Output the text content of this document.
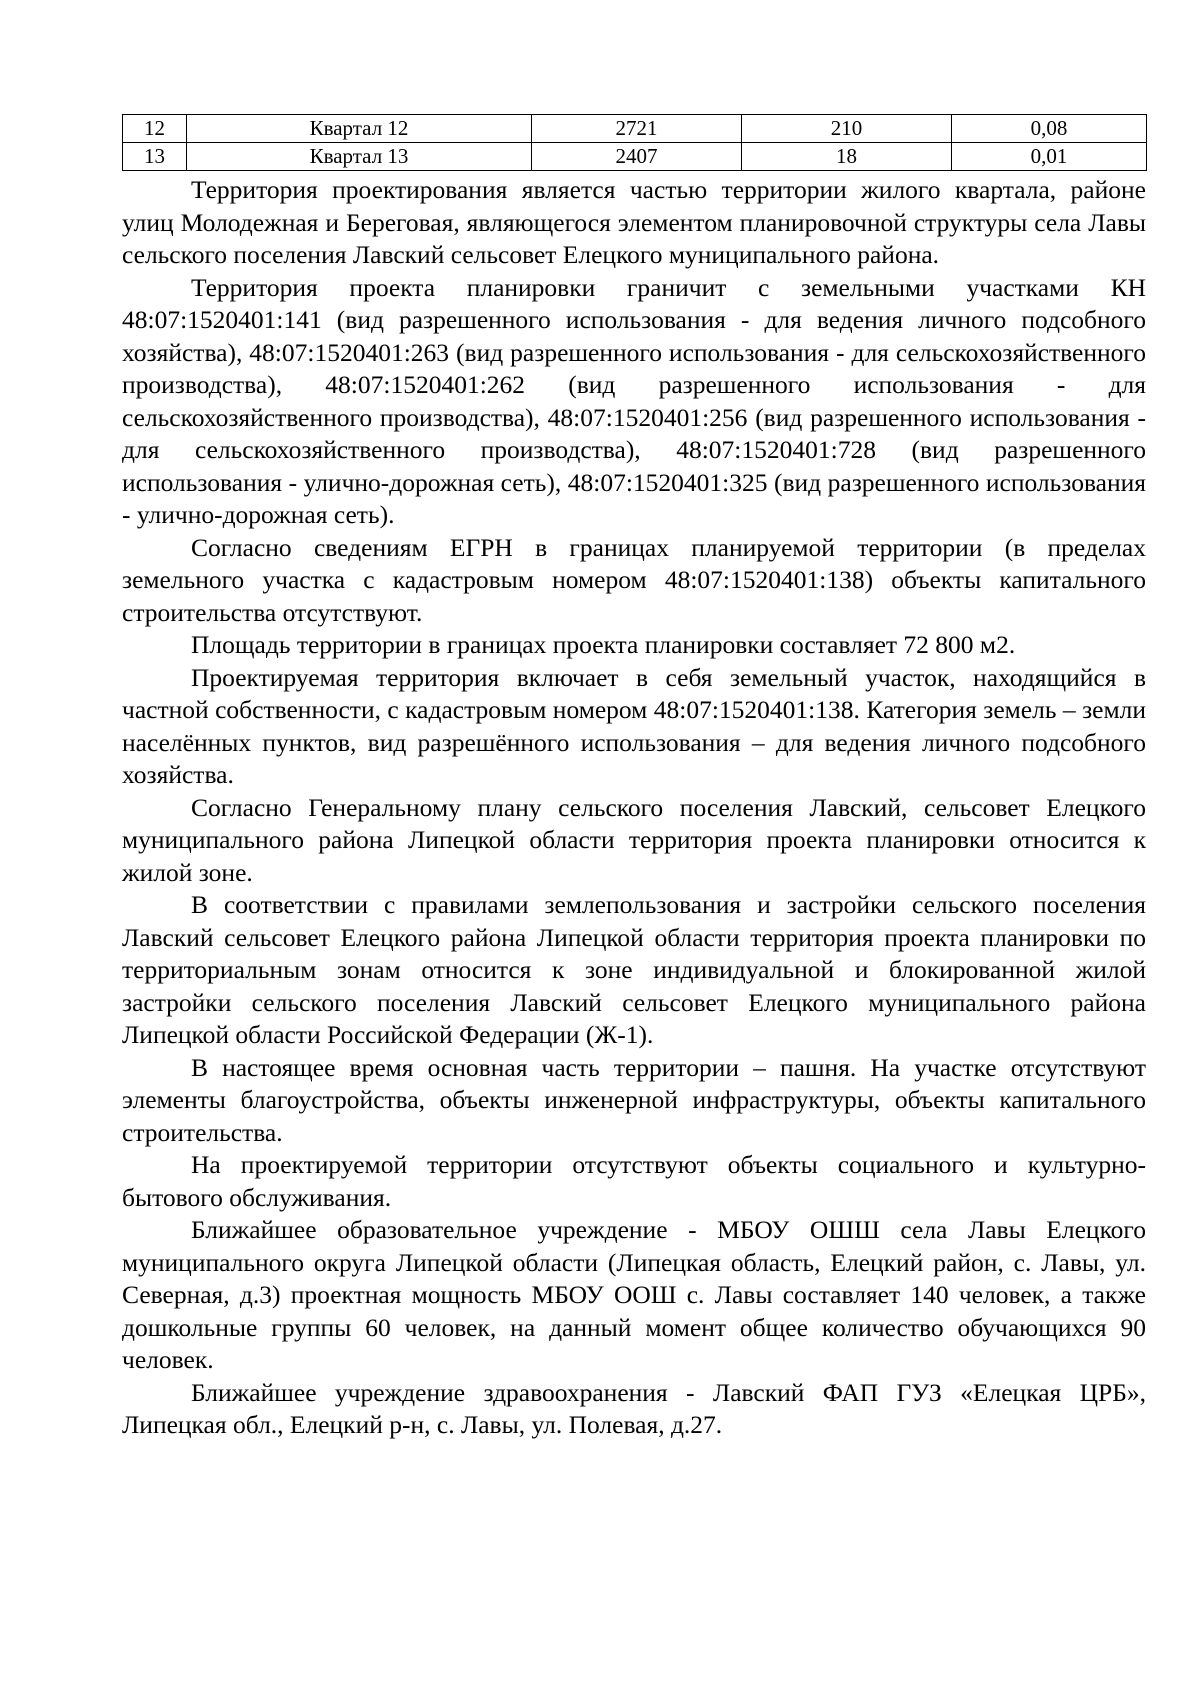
12	Квартал 12	2721	210	0,08
13	Квартал 13	2407	18	0,01

Территория проектирования является частью территории жилого квартала, районе улиц Молодежная и Береговая, являющегося элементом планировочной структуры села Лавы сельского поселения Лавский сельсовет Елецкого муниципального района.

Территория проекта планировки граничит с земельными участками КН 48:07:1520401:141 (вид разрешенного использования - для ведения личного подсобного хозяйства), 48:07:1520401:263 (вид разрешенного использования - для сельскохозяйственного производства), 48:07:1520401:262 (вид разрешенного использования - для сельскохозяйственного производства), 48:07:1520401:256 (вид разрешенного использования - для сельскохозяйственного производства), 48:07:1520401:728 (вид разрешенного использования - улично-дорожная сеть), 48:07:1520401:325 (вид разрешенного использования - улично-дорожная сеть).

Согласно сведениям ЕГРН в границах планируемой территории (в пределах земельного участка с кадастровым номером 48:07:1520401:138) объекты капитального строительства отсутствуют.

Площадь территории в границах проекта планировки составляет 72 800 м2.

Проектируемая территория включает в себя земельный участок, находящийся в частной собственности, с кадастровым номером 48:07:1520401:138. Категория земель – земли населённых пунктов, вид разрешённого использования – для ведения личного подсобного хозяйства.

Согласно Генеральному плану сельского поселения Лавский, сельсовет Елецкого муниципального района Липецкой области территория проекта планировки относится к жилой зоне.

В соответствии с правилами землепользования и застройки сельского поселения Лавский сельсовет Елецкого района Липецкой области территория проекта планировки по территориальным зонам относится к зоне индивидуальной и блокированной жилой застройки сельского поселения Лавский сельсовет Елецкого муниципального района Липецкой области Российской Федерации (Ж-1).

В настоящее время основная часть территории – пашня. На участке отсутствуют элементы благоустройства, объекты инженерной инфраструктуры, объекты капитального строительства.

На проектируемой территории отсутствуют объекты социального и культурно-бытового обслуживания.

Ближайшее образовательное учреждение - МБОУ ОШШ села Лавы Елецкого муниципального округа Липецкой области (Липецкая область, Елецкий район, с. Лавы, ул. Северная, д.3) проектная мощность МБОУ ООШ с. Лавы составляет 140 человек, а также дошкольные группы 60 человек, на данный момент общее количество обучающихся 90 человек.

Ближайшее учреждение здравоохранения - Лавский ФАП ГУЗ «Елецкая ЦРБ», Липецкая обл., Елецкий р-н, с. Лавы, ул. Полевая, д.27.
